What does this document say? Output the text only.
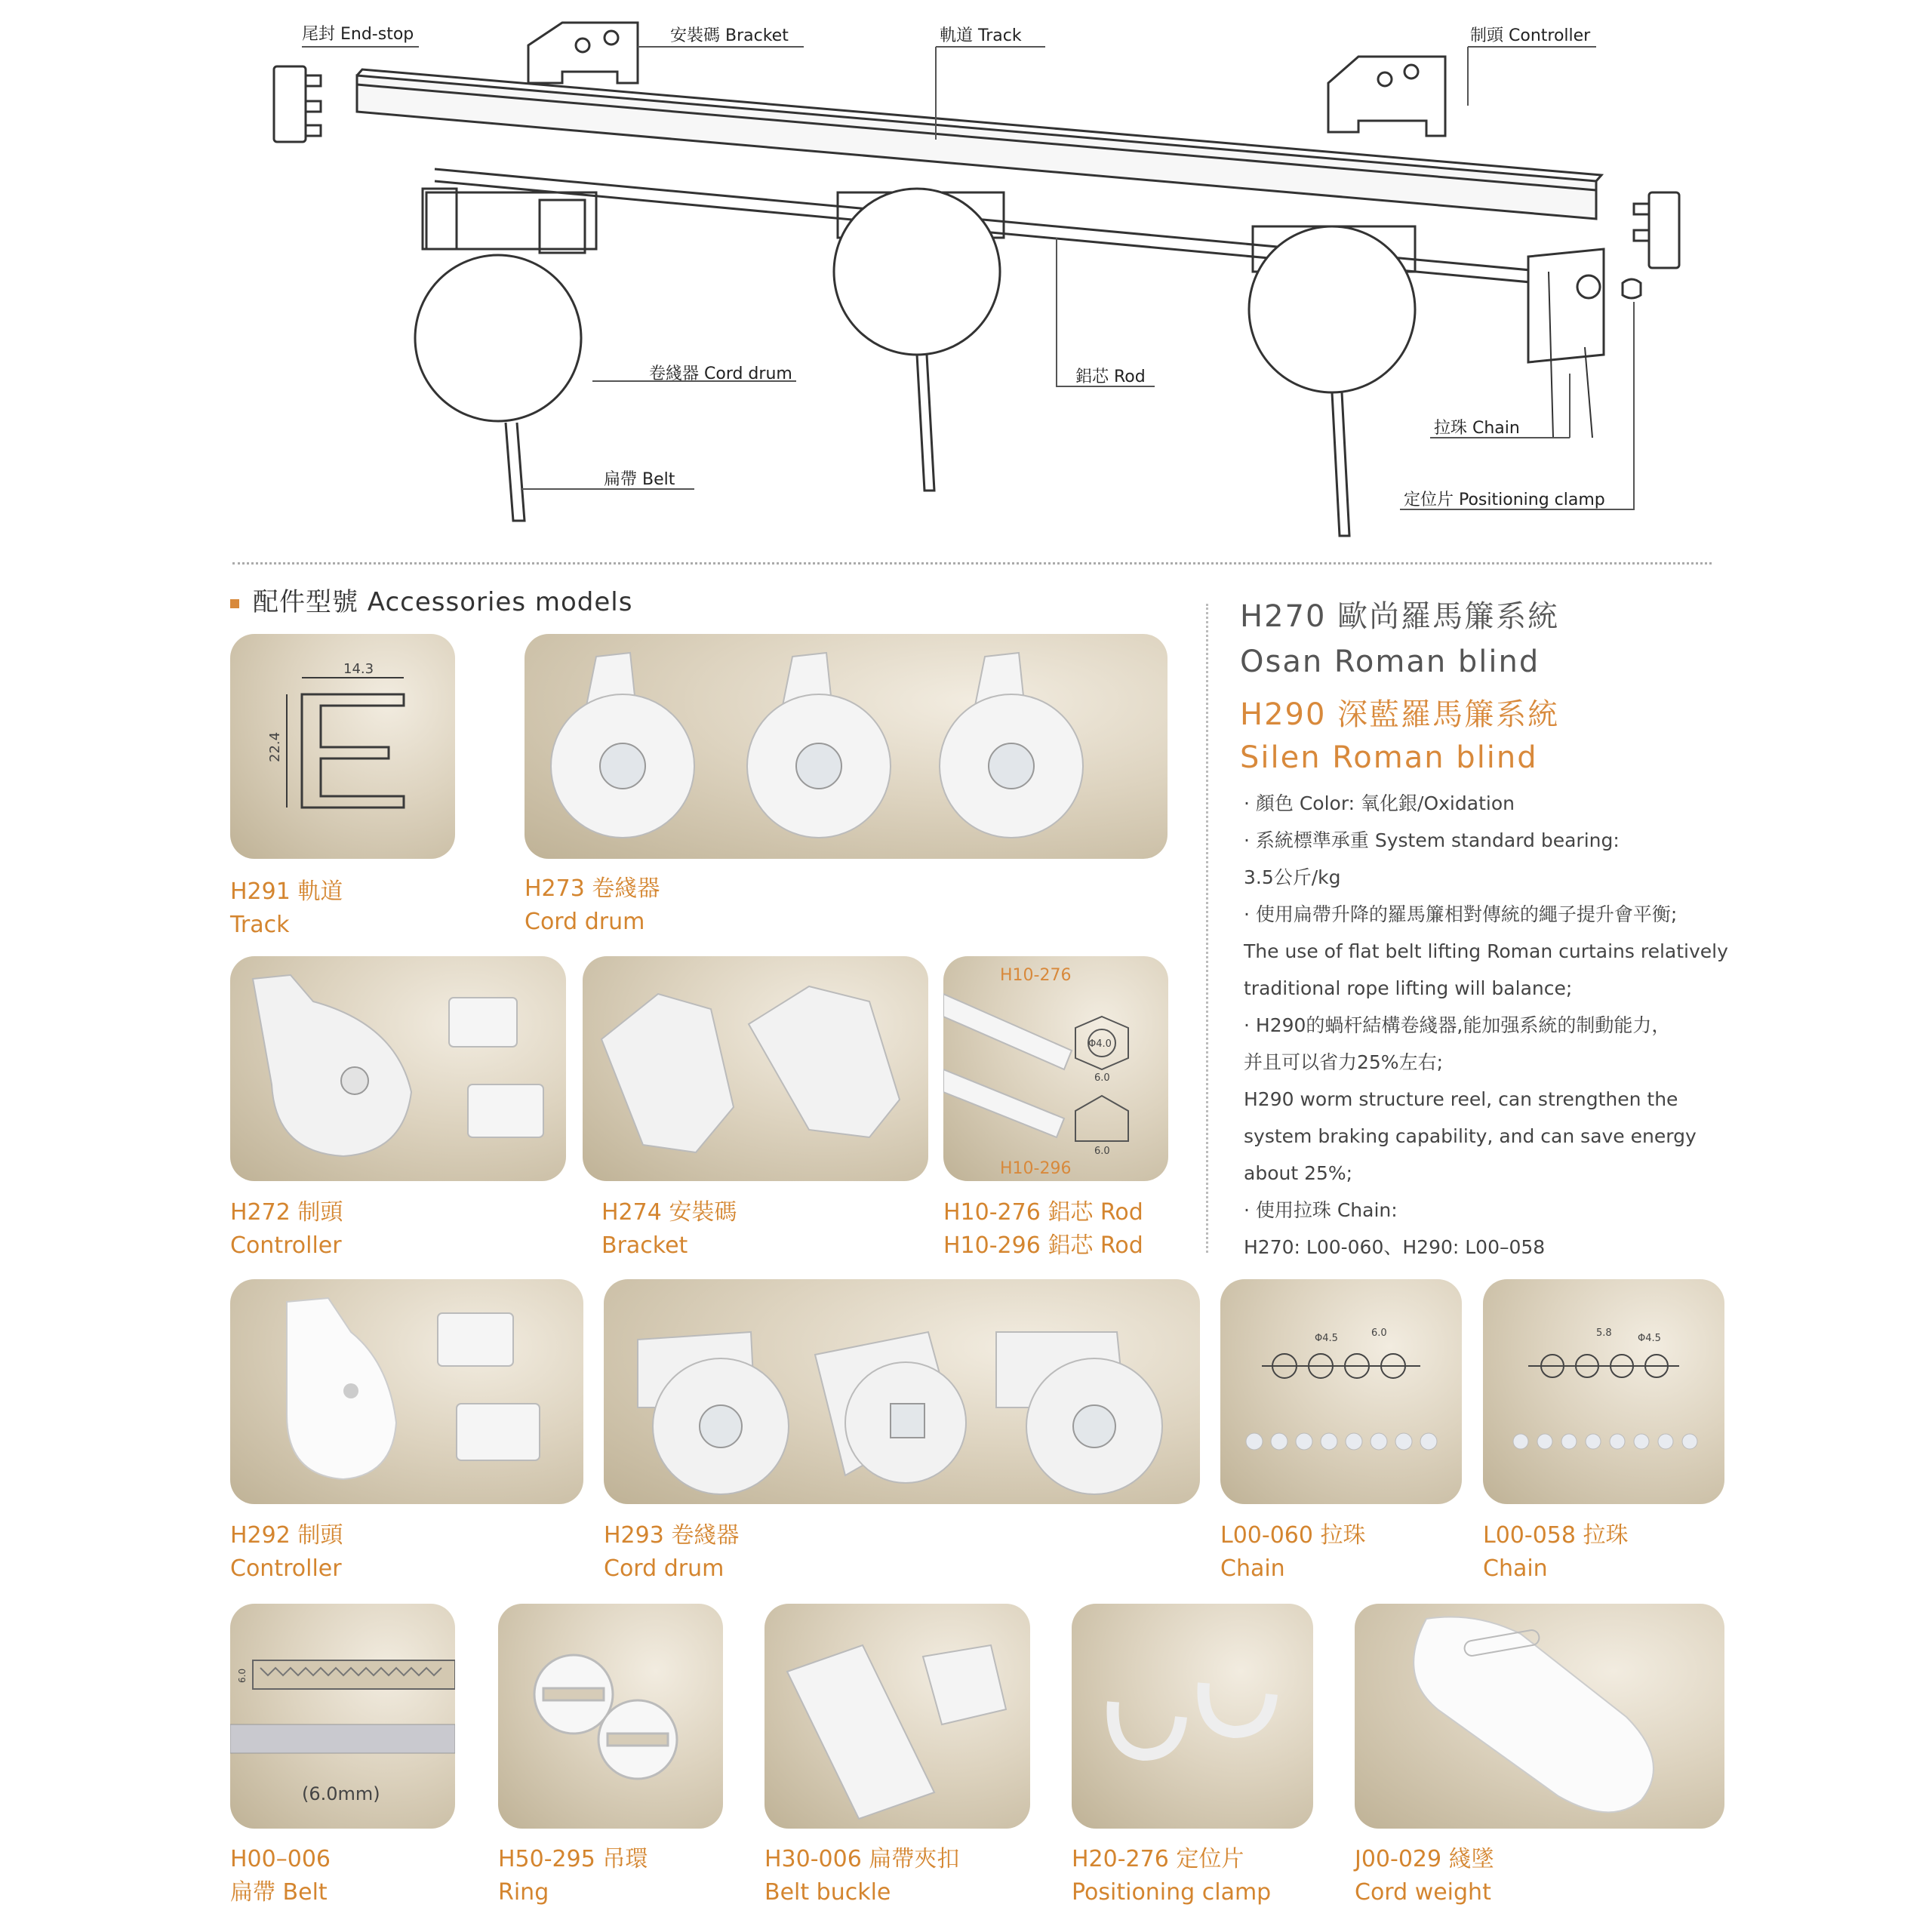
尾封 End-stop	安裝碼 Bracket	軌道 Track	制頭 Controller
卷綫器 Cord drum	鋁芯 Rod
拉珠 Chain
扁帶 Belt
定位片 Positioning clamp
配件型號 Accessories models	H270 歐尚羅馬簾系統
Osan Roman blind
H290 深藍羅馬簾系統
Silen Roman blind
· 顏色 Color: 氧化銀/Oxidation
· 系統標準承重 System standard bearing:
3.5公斤/kg
· 使用扁帶升降的羅馬簾相對傳統的繩子提升會平衡;
The use of flat belt lifting Roman curtains relatively
traditional rope lifting will balance;
· H290的蝸杆結構卷綫器,能加强系統的制動能力，
并且可以省力25%左右;
H290 worm structure reel, can strengthen the
system braking capability, and can save energy
about 25%;
· 使用拉珠 Chain:
H270: L00-060、H290: L00–058
14.3
22.4
H291 軌道
Track
H273 卷綫器
Cord drum
H272 制頭
Controller
H274 安裝碼
Bracket
H10-276
H10-296
Φ4.0
6.0
6.0
H10-276 鋁芯 Rod
H10-296 鋁芯 Rod
H292 制頭
Controller
H293 卷綫器
Cord drum
Φ4.5	6.0
L00-060 拉珠
Chain
5.8	Φ4.5
L00-058 拉珠
Chain
6.0
(6.0mm)
H00–006
扁帶 Belt
H50-295 吊環
Ring
H30-006 扁帶夾扣
Belt buckle
H20-276 定位片
Positioning clamp
J00-029 綫墜
Cord weight
